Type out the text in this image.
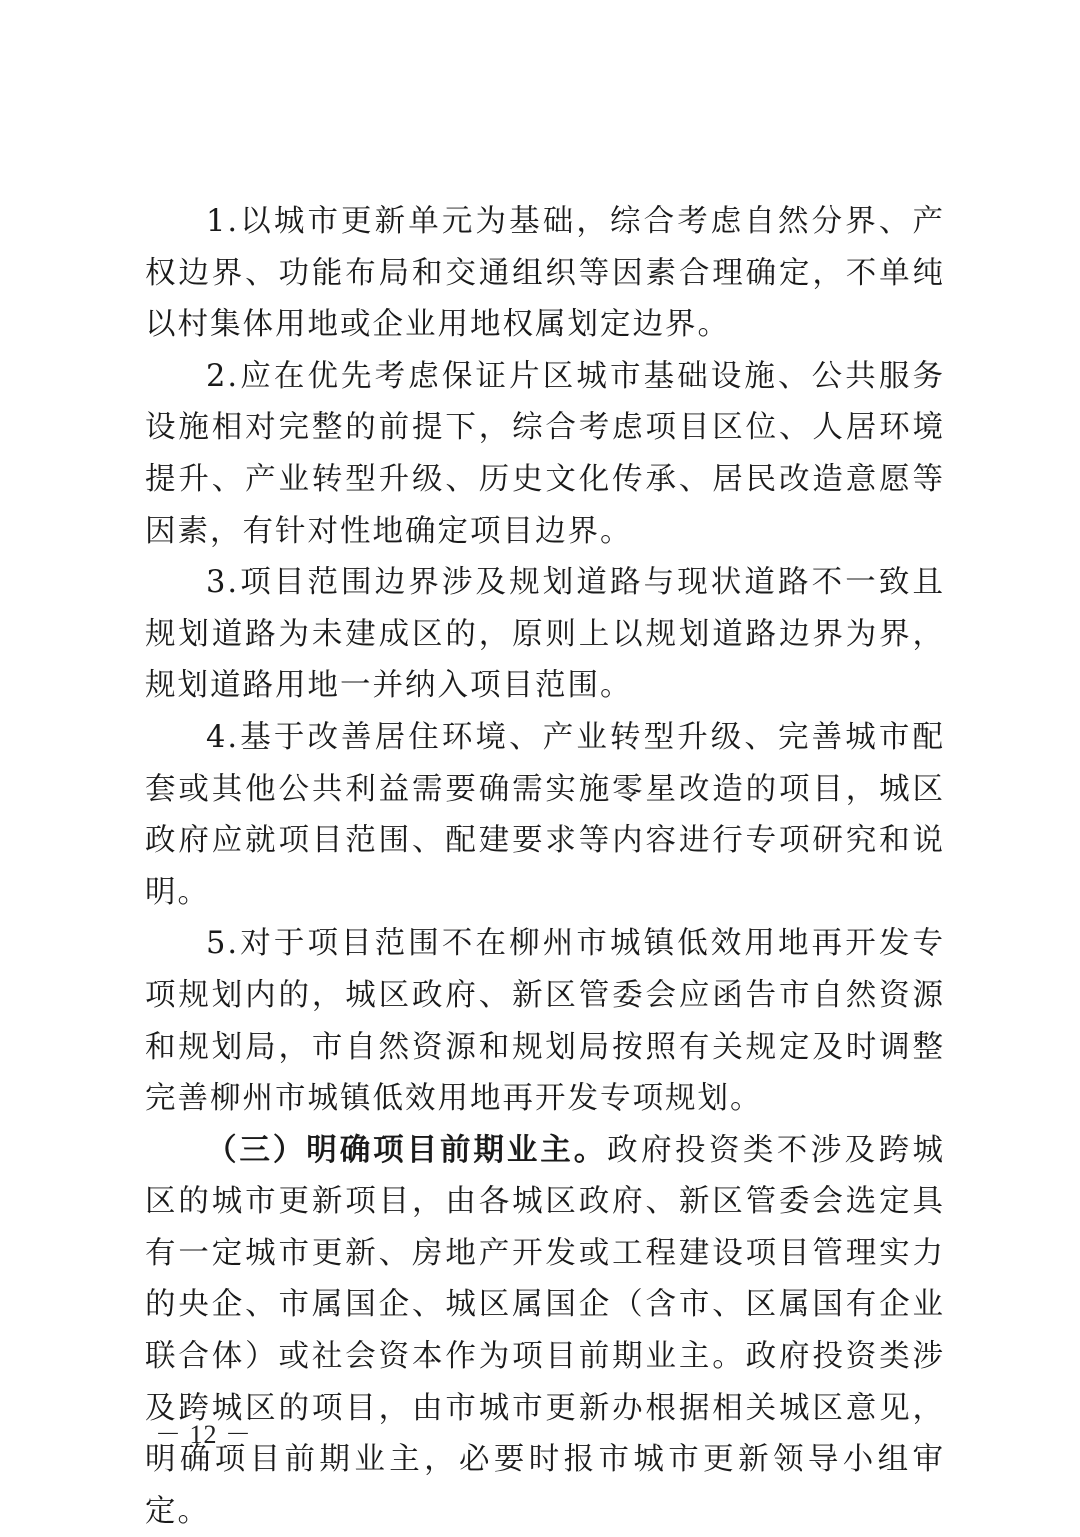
1.以城市更新单元为基础，综合考虑自然分界、产权边界、功能布局和交通组织等因素合理确定，不单纯以村集体用地或企业用地权属划定边界。

2.应在优先考虑保证片区城市基础设施、公共服务设施相对完整的前提下，综合考虑项目区位、人居环境提升、产业转型升级、历史文化传承、居民改造意愿等因素，有针对性地确定项目边界。

3.项目范围边界涉及规划道路与现状道路不一致且规划道路为未建成区的，原则上以规划道路边界为界，规划道路用地一并纳入项目范围。

4.基于改善居住环境、产业转型升级、完善城市配套或其他公共利益需要确需实施零星改造的项目，城区政府应就项目范围、配建要求等内容进行专项研究和说明。

5.对于项目范围不在柳州市城镇低效用地再开发专项规划内的，城区政府、新区管委会应函告市自然资源和规划局，市自然资源和规划局按照有关规定及时调整完善柳州市城镇低效用地再开发专项规划。

（三）明确项目前期业主。政府投资类不涉及跨城区的城市更新项目，由各城区政府、新区管委会选定具有一定城市更新、房地产开发或工程建设项目管理实力的央企、市属国企、城区属国企（含市、区属国有企业联合体）或社会资本作为项目前期业主。政府投资类涉及跨城区的项目，由市城市更新办根据相关城区意见，明确项目前期业主，必要时报市城市更新领导小组审定。

－ 12 －
